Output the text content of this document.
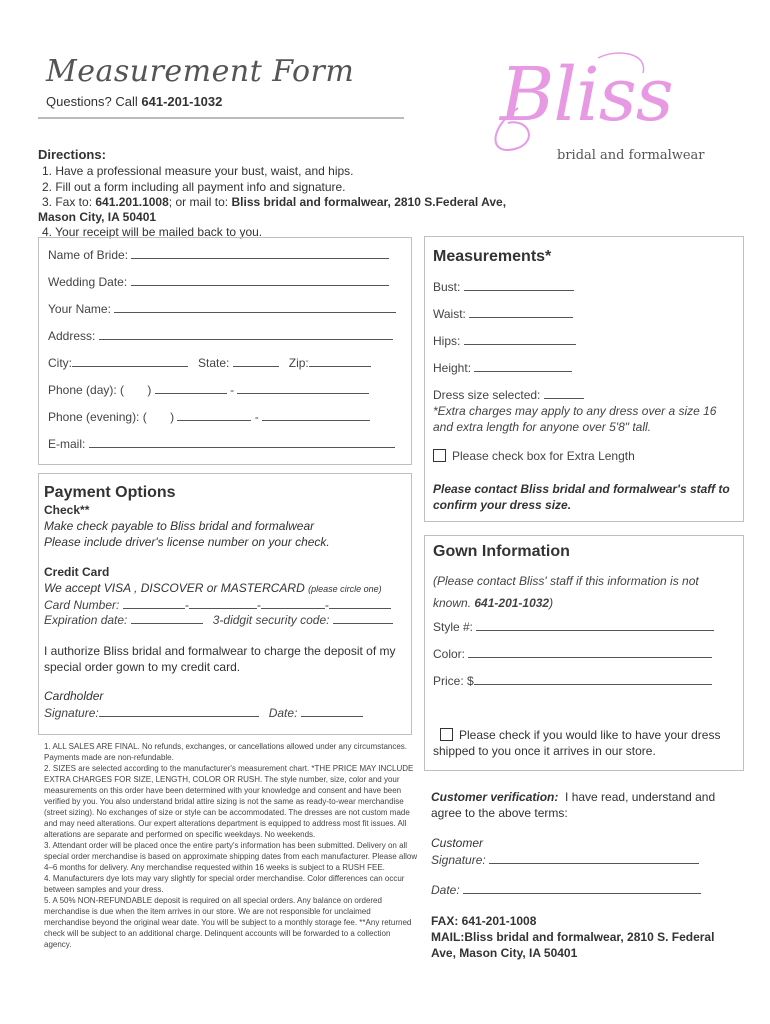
Measurement Form
Questions? Call 641-201-1032	Bliss
bridal and formalwear
Directions:
1. Have a professional measure your bust, waist, and hips.
2. Fill out a form including all payment info and signature.
3. Fax to: 641.201.1008; or mail to: Bliss bridal and formalwear, 2810 S.Federal Ave,
Mason City, IA 50401
4. Your receipt will be mailed back to you.
Name of Bride:
Wedding Date:
Your Name:
Address:
City:	State:	Zip:
Phone (day): ( )	-
Phone (evening): ( )	-
E-mail:
Measurements*
Bust:
Waist:
Hips:
Height:
Dress size selected:
*Extra charges may apply to any dress over a size 16 and extra length for anyone over 5'8" tall.
Please check box for Extra Length
Please contact Bliss bridal and formalwear's staff to confirm your dress size.
Payment Options
Check**
Make check payable to Bliss bridal and formalwear
Please include driver's license number on your check.
Credit Card
We accept VISA , DISCOVER or MASTERCARD (please circle one)
Card Number:	-	-	-
Expiration date:	3-didgit security code:
I authorize Bliss bridal and formalwear to charge the deposit of my special order gown to my credit card.
Cardholder
Signature:	Date:
Gown Information
(Please contact Bliss' staff if this information is not known. 641-201-1032)
Style #:
Color:
Price: $
Please check if you would like to have your dress shipped to you once it arrives in our store.
1. ALL SALES ARE FINAL. No refunds, exchanges, or cancellations allowed under any circumstances. Payments made are non-refundable.
2. SIZES are selected according to the manufacturer's measurement chart. *THE PRICE MAY INCLUDE EXTRA CHARGES FOR SIZE, LENGTH, COLOR OR RUSH. The style number, size, color and your measurements on this order have been determined with your knowledge and consent and have been verified by you. You also understand bridal attire sizing is not the same as ready-to-wear merchandise (street sizing). No exchanges of size or style can be accommodated. The dresses are not custom made and may need alterations. Our expert alterations department is equipped to address most fit issues. All alterations are separate and performed on specific weekdays. No weekends.
3. Attendant order will be placed once the entire party's information has been submitted. Delivery on all special order merchandise is based on approximate shipping dates from each manufacturer. Please allow 4–6 months for delivery. Any merchandise requested within 16 weeks is subject to a RUSH FEE.
4. Manufacturers dye lots may vary slightly for special order merchandise. Color differences can occur between samples and your dress.
5. A 50% NON-REFUNDABLE deposit is required on all special orders. Any balance on ordered merchandise is due when the item arrives in our store. We are not responsible for unclaimed merchandise beyond the original wear date. You will be subject to a monthly storage fee. **Any returned check will be subject to an additional charge. Delinquent accounts will be forwarded to a collection agency.
Customer verification: I have read, understand and agree to the above terms:
Customer
Signature:
Date:
FAX: 641-201-1008
MAIL:Bliss bridal and formalwear, 2810 S. Federal
Ave, Mason City, IA 50401
